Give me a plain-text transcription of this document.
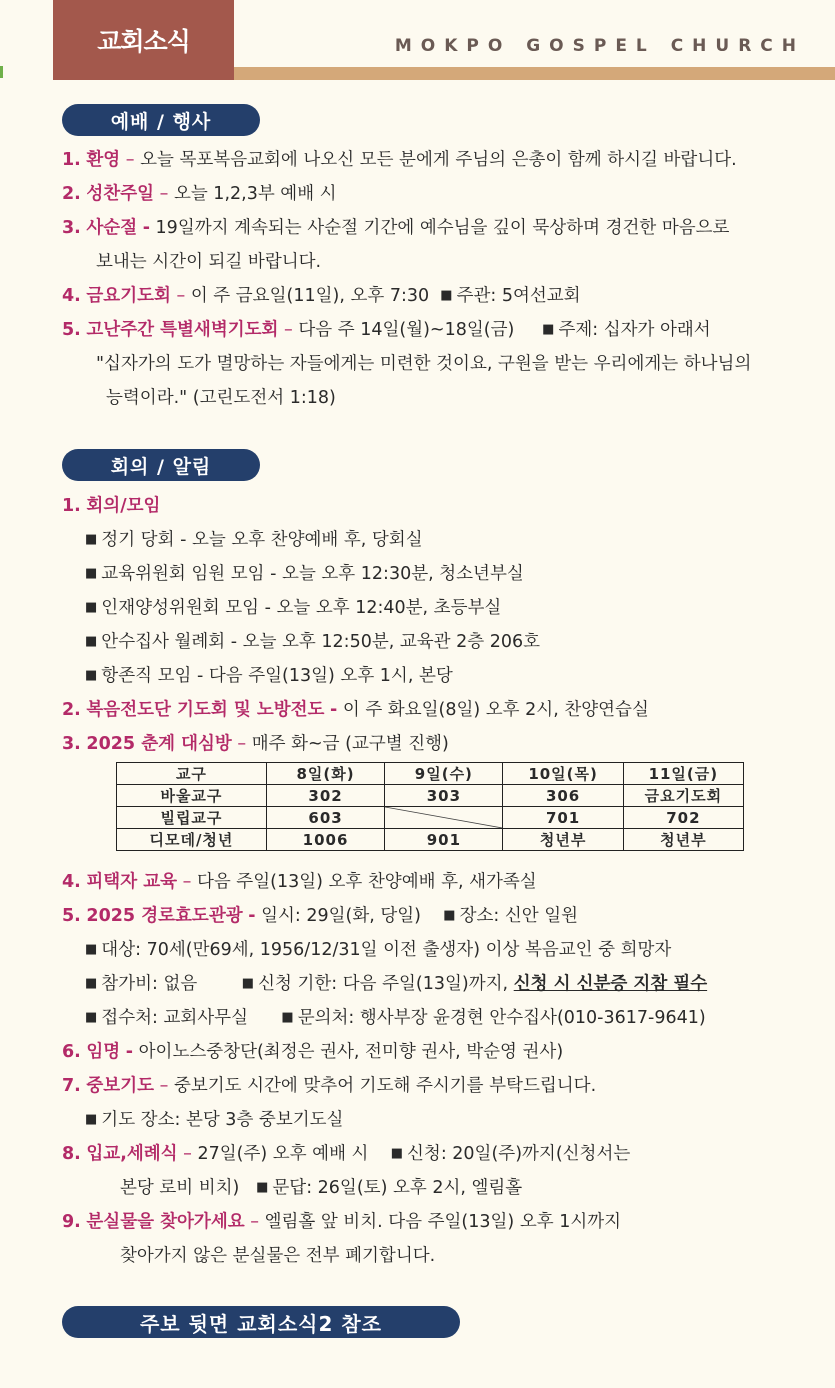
교회소식	MOKPO GOSPEL CHURCH
예배 / 행사
1. 환영 – 오늘 목포복음교회에 나오신 모든 분에게 주님의 은총이 함께 하시길 바랍니다.
2. 성찬주일 – 오늘 1,2,3부 예배 시
3. 사순절 - 19일까지 계속되는 사순절 기간에 예수님을 깊이 묵상하며 경건한 마음으로
보내는 시간이 되길 바랍니다.
4. 금요기도회 – 이 주 금요일(11일), 오후 7:30 ■ 주관: 5여선교회
5. 고난주간 특별새벽기도회 – 다음 주 14일(월)~18일(금) ■ 주제: 십자가 아래서
"십자가의 도가 멸망하는 자들에게는 미련한 것이요, 구원을 받는 우리에게는 하나님의
능력이라." (고린도전서 1:18)
회의 / 알림
1. 회의/모임
■ 정기 당회 - 오늘 오후 찬양예배 후, 당회실
■ 교육위원회 임원 모임 - 오늘 오후 12:30분, 청소년부실
■ 인재양성위원회 모임 - 오늘 오후 12:40분, 초등부실
■ 안수집사 월례회 - 오늘 오후 12:50분, 교육관 2층 206호
■ 항존직 모임 - 다음 주일(13일) 오후 1시, 본당
2. 복음전도단 기도회 및 노방전도 - 이 주 화요일(8일) 오후 2시, 찬양연습실
3. 2025 춘계 대심방 – 매주 화~금 (교구별 진행)
교구	8일(화)	9일(수)	10일(목)	11일(금)
바울교구	302	303	306	금요기도회
빌립교구	603		701	702
디모데/청년	1006	901	청년부	청년부
4. 피택자 교육 – 다음 주일(13일) 오후 찬양예배 후, 새가족실
5. 2025 경로효도관광 - 일시: 29일(화, 당일) ■ 장소: 신안 일원
■ 대상: 70세(만69세, 1956/12/31일 이전 출생자) 이상 복음교인 중 희망자
■ 참가비: 없음	■ 신청 기한: 다음 주일(13일)까지, 신청 시 신분증 지참 필수
■ 접수처: 교회사무실	■ 문의처: 행사부장 윤경현 안수집사(010-3617-9641)
6. 임명 - 아이노스중창단(최정은 권사, 전미향 권사, 박순영 권사)
7. 중보기도 – 중보기도 시간에 맞추어 기도해 주시기를 부탁드립니다.
■ 기도 장소: 본당 3층 중보기도실
8. 입교,세례식 – 27일(주) 오후 예배 시 ■ 신청: 20일(주)까지(신청서는
본당 로비 비치) ■ 문답: 26일(토) 오후 2시, 엘림홀
9. 분실물을 찾아가세요 – 엘림홀 앞 비치. 다음 주일(13일) 오후 1시까지
찾아가지 않은 분실물은 전부 폐기합니다.
주보 뒷면 교회소식2 참조
